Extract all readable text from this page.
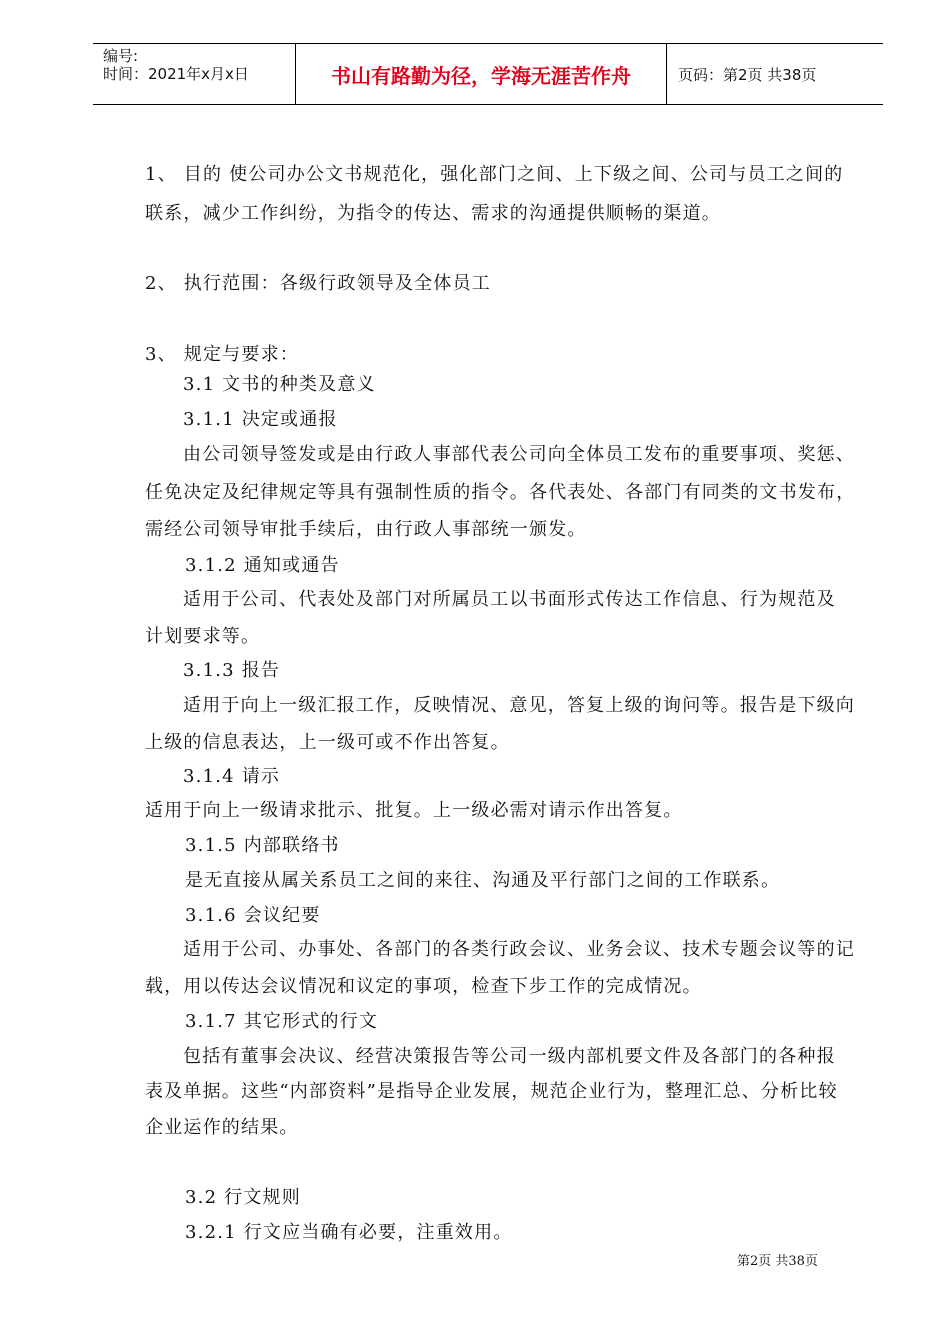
编号:
时间：2021年x月x日	书山有路勤为径，学海无涯苦作舟	页码：第2页 共38页
1、 目的 使公司办公文书规范化，强化部门之间、上下级之间、公司与员工之间的
联系，减少工作纠纷，为指令的传达、需求的沟通提供顺畅的渠道。
2、 执行范围：各级行政领导及全体员工
3、 规定与要求：
3.1 文书的种类及意义
3.1.1 决定或通报
由公司领导签发或是由行政人事部代表公司向全体员工发布的重要事项、奖惩、
任免决定及纪律规定等具有强制性质的指令。各代表处、各部门有同类的文书发布，
需经公司领导审批手续后，由行政人事部统一颁发。
3.1.2 通知或通告
适用于公司、代表处及部门对所属员工以书面形式传达工作信息、行为规范及
计划要求等。
3.1.3 报告
适用于向上一级汇报工作，反映情况、意见，答复上级的询问等。报告是下级向
上级的信息表达，上一级可或不作出答复。
3.1.4 请示
适用于向上一级请求批示、批复。上一级必需对请示作出答复。
3.1.5 内部联络书
是无直接从属关系员工之间的来往、沟通及平行部门之间的工作联系。
3.1.6 会议纪要
适用于公司、办事处、各部门的各类行政会议、业务会议、技术专题会议等的记
载，用以传达会议情况和议定的事项，检查下步工作的完成情况。
3.1.7 其它形式的行文
包括有董事会决议、经营决策报告等公司一级内部机要文件及各部门的各种报
表及单据。这些“内部资料”是指导企业发展，规范企业行为，整理汇总、分析比较
企业运作的结果。
3.2 行文规则
3.2.1 行文应当确有必要，注重效用。
第2页 共38页
